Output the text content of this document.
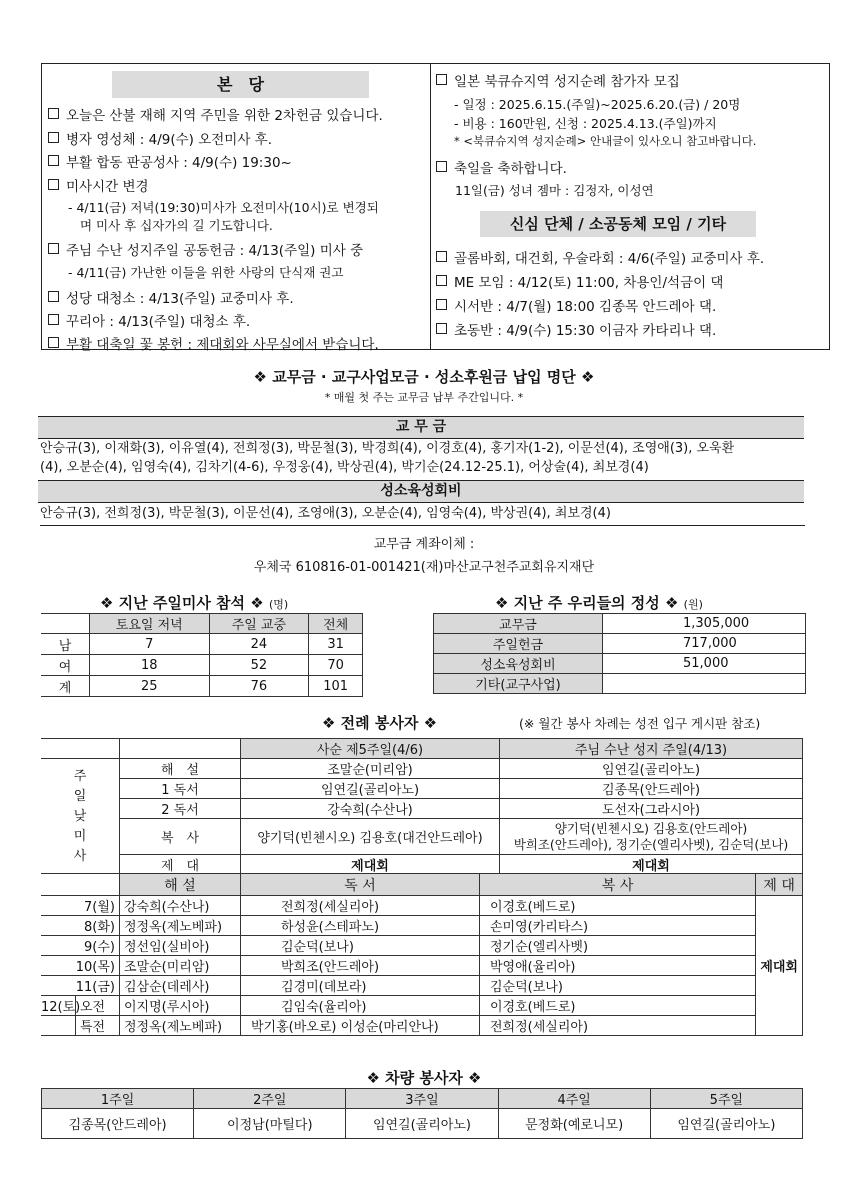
본　당
오늘은 산불 재해 지역 주민을 위한 2차헌금 있습니다.
병자 영성체 : 4/9(수) 오전미사 후.
부활 합동 판공성사 : 4/9(수) 19:30~
미사시간 변경
- 4/11(금) 저녁(19:30)미사가 오전미사(10시)로 변경되
며 미사 후 십자가의 길 기도합니다.
주님 수난 성지주일 공동헌금 : 4/13(주일) 미사 중
- 4/11(금) 가난한 이들을 위한 사랑의 단식재 권고
성당 대청소 : 4/13(주일) 교중미사 후.
꾸리아 : 4/13(주일) 대청소 후.
부활 대축일 꽃 봉헌 : 제대회와 사무실에서 받습니다.
일본 북큐슈지역 성지순례 참가자 모집
- 일정 : 2025.6.15.(주일)~2025.6.20.(금) / 20명
- 비용 : 160만원, 신청 : 2025.4.13.(주일)까지
* <북큐슈지역 성지순례> 안내글이 있사오니 참고바랍니다.
축일을 축하합니다.
11일(금) 성녀 젬마 : 김정자, 이성연
신심 단체 / 소공동체 모임 / 기타
골롬바회, 대건회, 우술라회 : 4/6(주일) 교중미사 후.
ME 모임 : 4/12(토) 11:00, 차용인/석금이 댁
시서반 : 4/7(월) 18:00 김종목 안드레아 댁.
초동반 : 4/9(수) 15:30 이금자 카타리나 댁.
❖ 교무금 · 교구사업모금 · 성소후원금 납입 명단 ❖
* 매월 첫 주는 교무금 납부 주간입니다. *
교 무 금
안승규(3), 이재화(3), 이유열(4), 전희정(3), 박문철(3), 박경희(4), 이경호(4), 홍기자(1-2), 이문선(4), 조영애(3), 오욱환
(4), 오분순(4), 임영숙(4), 김차기(4-6), 우정웅(4), 박상권(4), 박기순(24.12-25.1), 어상술(4), 최보경(4)
성소육성회비
안승규(3), 전희정(3), 박문철(3), 이문선(4), 조영애(3), 오분순(4), 임영숙(4), 박상권(4), 최보경(4)
교무금 계좌이체 :
우체국 610816-01-001421(재)마산교구천주교회유지재단
❖ 지난 주일미사 참석 ❖ (명)
	토요일 저녁	주일 교중	전체
남	7	24	31
여	18	52	70
계	25	76	101
❖ 지난 주 우리들의 정성 ❖ (원)
교무금	1,305,000
주일헌금	717,000
성소육성회비	51,000
기타(교구사업)	
❖ 전례 봉사자 ❖	(※ 월간 봉사 차례는 성전 입구 게시판 참조)
		사순 제5주일(4/6)	주님 수난 성지 주일(4/13)

주
일
낮
미
사	해　설	조말순(미리암)	임연길(골리아노)
	1 독서	임연길(골리아노)	김종목(안드레아)
	2 독서	강숙희(수산나)	도선자(그라시아)
	복　사	양기덕(빈첸시오) 김용호(대건안드레아)	양기덕(빈첸시오) 김용호(안드레아)
박희조(안드레아), 정기순(엘리사벳), 김순덕(보나)

	제　대	제대회	제대회
	해 설	독 서	복 사	제 대
7(월)	강숙희(수산나)	전희정(세실리아)	이경호(베드로)	제대회
8(화)	정정옥(제노베파)	하성윤(스테파노)	손미영(카리타스)	
9(수)	정선임(실비아)	김순덕(보나)	정기순(엘리사벳)	
10(목)	조말순(미리암)	박희조(안드레아)	박영애(율리아)	
11(금)	김삼순(데레사)	김경미(데보라)	김순덕(보나)	
12(토)오전	이지명(루시아)	김임숙(율리아)	이경호(베드로)	
특전	정정옥(제노베파)	박기홍(바오로) 이성순(마리안나)	전희정(세실리아)	
❖ 차량 봉사자 ❖
1주일	2주일	3주일	4주일	5주일
김종목(안드레아)	이정남(마틸다)	임연길(골리아노)	문정화(예로니모)	임연길(골리아노)
